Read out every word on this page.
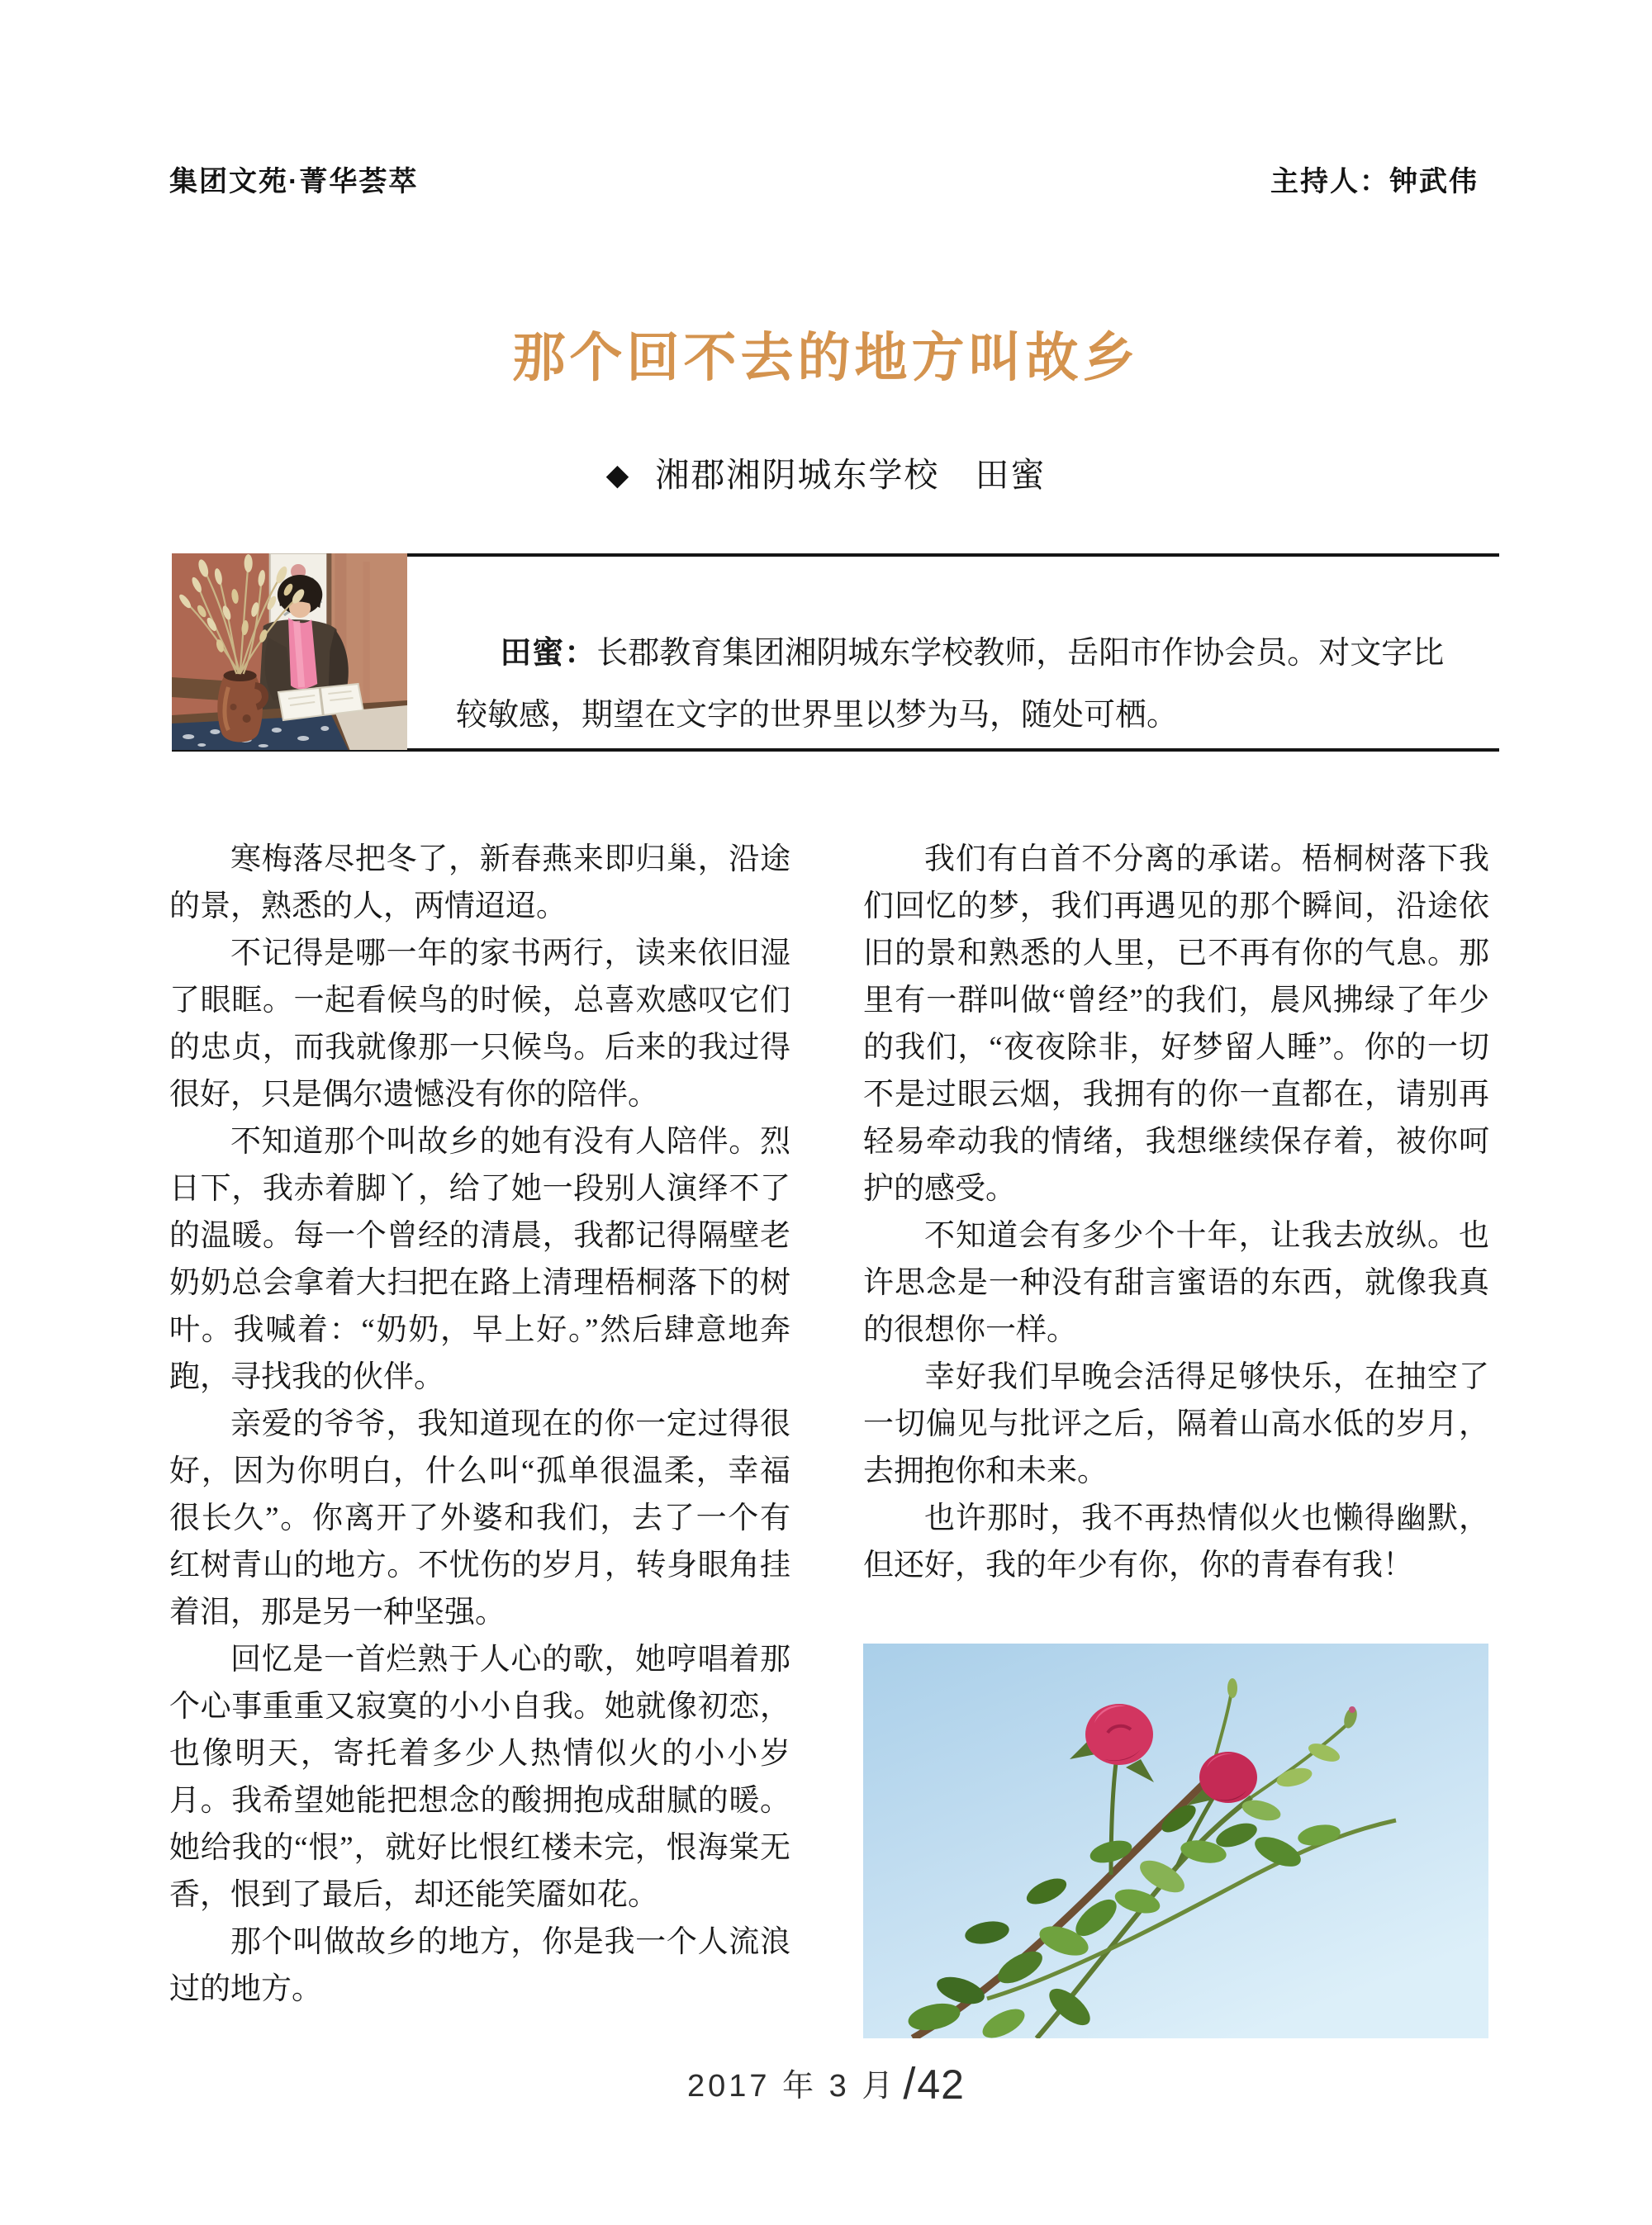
集团文苑·菁华荟萃	主持人：钟武伟
那个回不去的地方叫故乡
◆ 湘郡湘阴城东学校　田蜜

田蜜：长郡教育集团湘阴城东学校教师，岳阳市作协会员。对文字比较敏感，期望在文字的世界里以梦为马，随处可栖。

寒梅落尽把冬了，新春燕来即归巢，沿途的景，熟悉的人，两情迢迢。

不记得是哪一年的家书两行，读来依旧湿了眼眶。一起看候鸟的时候，总喜欢感叹它们的忠贞，而我就像那一只候鸟。后来的我过得很好，只是偶尔遗憾没有你的陪伴。

不知道那个叫故乡的她有没有人陪伴。烈日下，我赤着脚丫，给了她一段别人演绎不了的温暖。每一个曾经的清晨，我都记得隔壁老奶奶总会拿着大扫把在路上清理梧桐落下的树叶。我喊着：“奶奶，早上好。”然后肆意地奔跑，寻找我的伙伴。

亲爱的爷爷，我知道现在的你一定过得很好，因为你明白，什么叫“孤单很温柔，幸福很长久”。你离开了外婆和我们，去了一个有红树青山的地方。不忧伤的岁月，转身眼角挂着泪，那是另一种坚强。

回忆是一首烂熟于人心的歌，她哼唱着那个心事重重又寂寞的小小自我。她就像初恋，也像明天，寄托着多少人热情似火的小小岁月。我希望她能把想念的酸拥抱成甜腻的暖。她给我的“恨”，就好比恨红楼未完，恨海棠无香，恨到了最后，却还能笑靥如花。

那个叫做故乡的地方，你是我一个人流浪过的地方。

我们有白首不分离的承诺。梧桐树落下我们回忆的梦，我们再遇见的那个瞬间，沿途依旧的景和熟悉的人里，已不再有你的气息。那里有一群叫做“曾经”的我们，晨风拂绿了年少的我们，“夜夜除非，好梦留人睡”。你的一切不是过眼云烟，我拥有的你一直都在，请别再轻易牵动我的情绪，我想继续保存着，被你呵护的感受。

不知道会有多少个十年，让我去放纵。也许思念是一种没有甜言蜜语的东西，就像我真的很想你一样。

幸好我们早晚会活得足够快乐，在抽空了一切偏见与批评之后，隔着山高水低的岁月，去拥抱你和未来。

也许那时，我不再热情似火也懒得幽默，但还好，我的年少有你，你的青春有我！

2017 年 3 月 /42
